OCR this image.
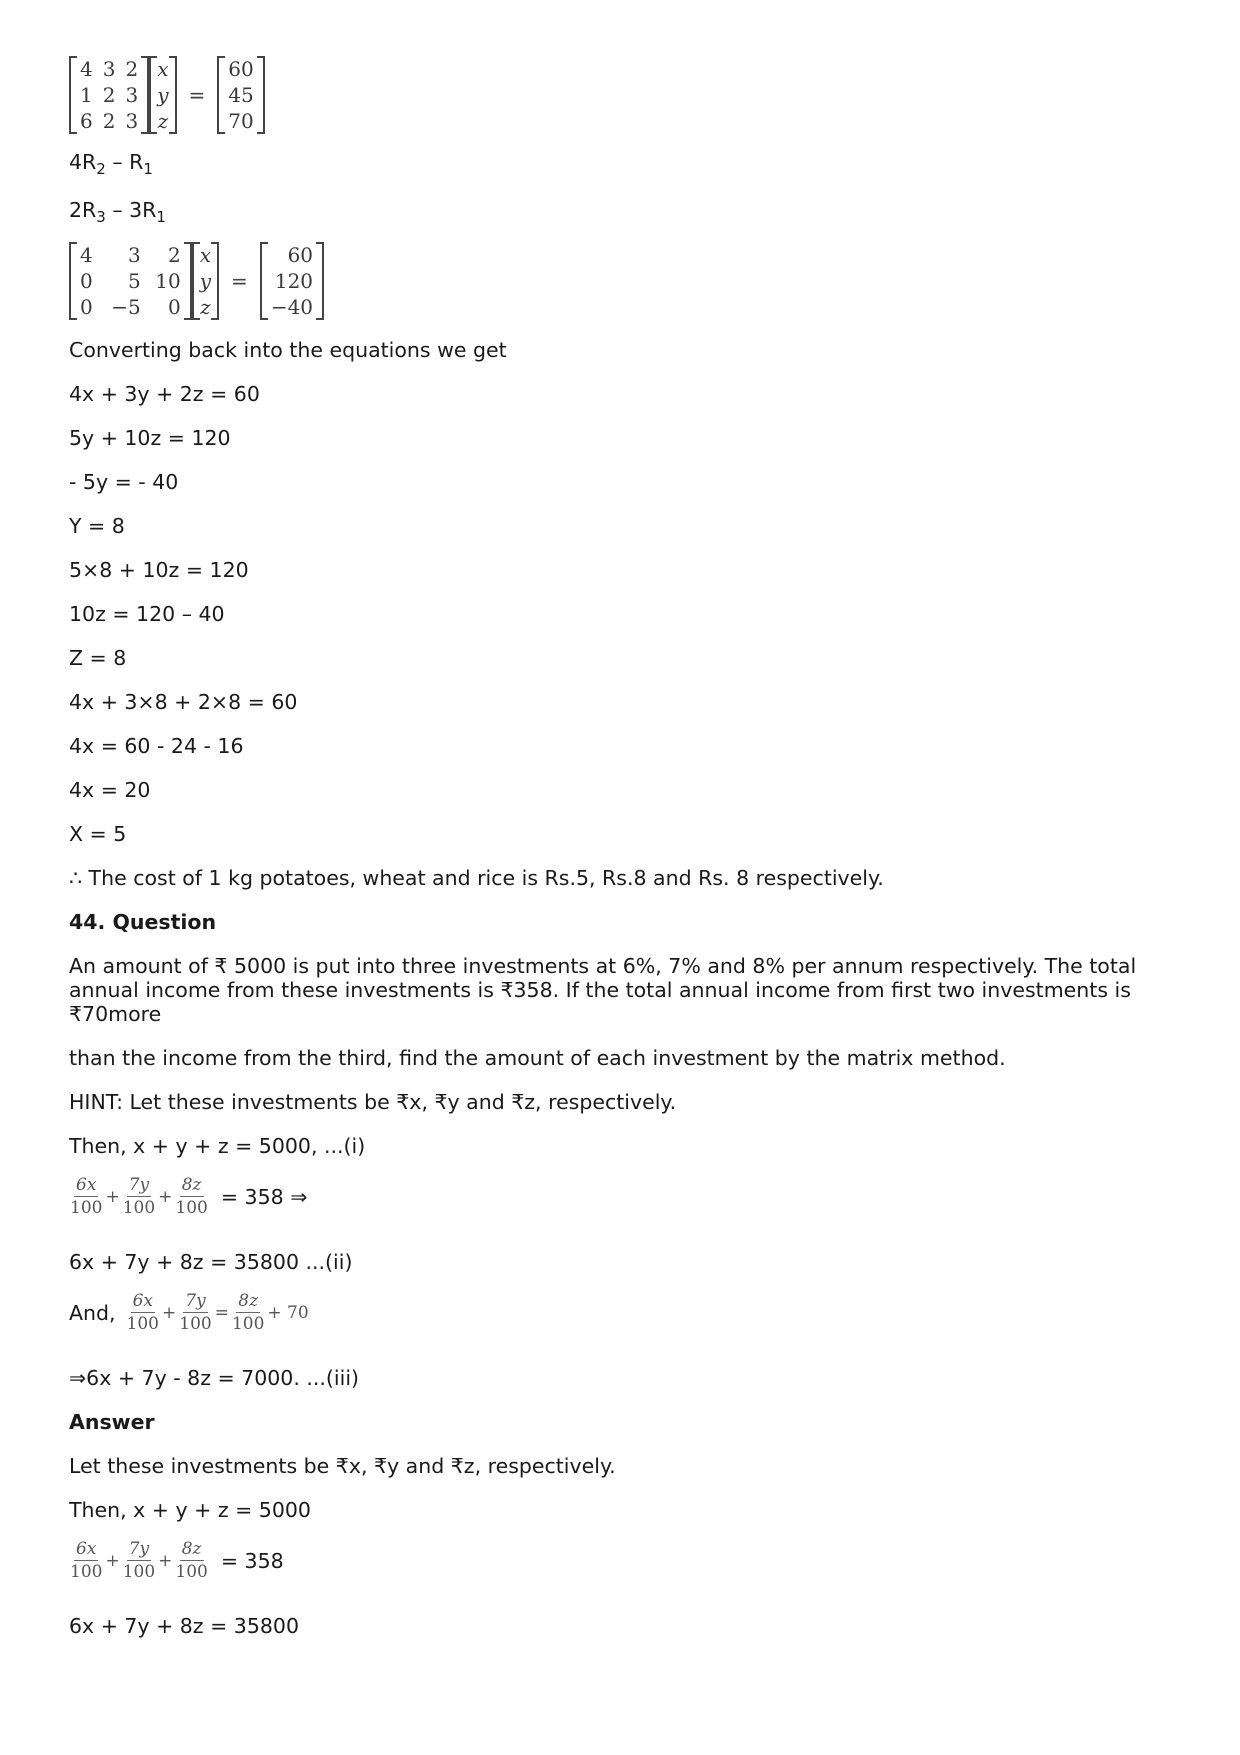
4 3 2
1 2 3
6 2 3
x
y
z
=
60
45
70
$4R_2 - R_1$
$2R_3 - 3R_1$
4	3	2
0	5 10
0 −5	0
x
y
z
=
60
120
−40
Converting back into the equations we get
4x + 3y + 2z = 60
5y + 10z = 120
- 5y = - 40
Y = 8
5×8 + 10z = 120
10z = 120 – 40
Z = 8
4x + 3×8 + 2×8 = 60
4x = 60 - 24 - 16
4x = 20
X = 5
∴ The cost of 1 kg potatoes, wheat and rice is Rs.5, Rs.8 and Rs. 8 respectively.
44. Question
An amount of ₹ 5000 is put into three investments at 6%, 7% and 8% per annum respectively. The total annual income from these investments is ₹358. If the total annual income from first two investments is ₹70more
than the income from the third, find the amount of each investment by the matrix method.
HINT: Let these investments be ₹x, ₹y and ₹z, respectively.
Then, x + y + z = 5000, ...(i)
$\frac{6x}{100} + \frac{7y}{100} + \frac{8z}{100} = 358$ ⇒
6x + 7y + 8z = 35800 ...(ii)
And, $\frac{6x}{100} + \frac{7y}{100} = \frac{8z}{100} + 70$
⇒6x + 7y - 8z = 7000. ...(iii)
Answer
Let these investments be ₹x, ₹y and ₹z, respectively.
Then, x + y + z = 5000
$\frac{6x}{100} + \frac{7y}{100} + \frac{8z}{100} = 358$
6x + 7y + 8z = 35800
